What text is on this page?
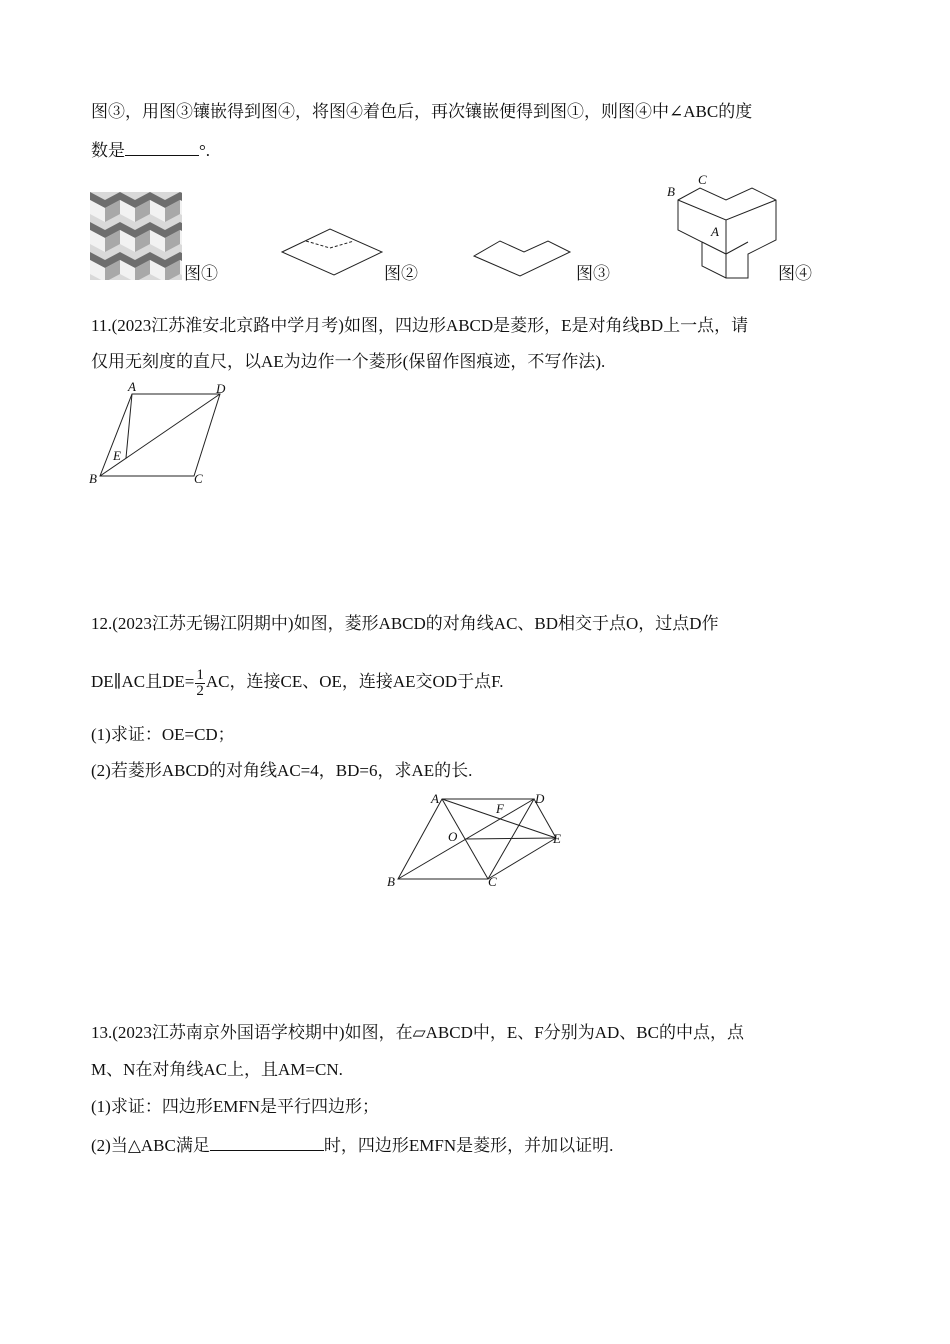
图③，用图③镶嵌得到图④，将图④着色后，再次镶嵌便得到图①，则图④中∠ABC的度
数是	°.
图①	图②	图③
B
C
A
图④
11.(2023江苏淮安北京路中学月考)如图，四边形ABCD是菱形，E是对角线BD上一点，请
仅用无刻度的直尺，以AE为边作一个菱形(保留作图痕迹，不写作法).
A	D
E
B	C
12.(2023江苏无锡江阴期中)如图，菱形ABCD的对角线AC、BD相交于点O，过点D作
DE∥AC且$DE= \frac{1}{2}$ AC，连接CE、OE，连接AE交OD于点F.
(1)求证：OE=CD；
(2)若菱形ABCD的对角线AC=4，BD=6，求AE的长.
A
F
D
O	E
B	C
13.(2023江苏南京外国语学校期中)如图，在▱ABCD中，E、F分别为AD、BC的中点，点
M、N在对角线AC上，且AM=CN.
(1)求证：四边形EMFN是平行四边形；
(2)当△ABC满足	时，四边形EMFN是菱形，并加以证明.
